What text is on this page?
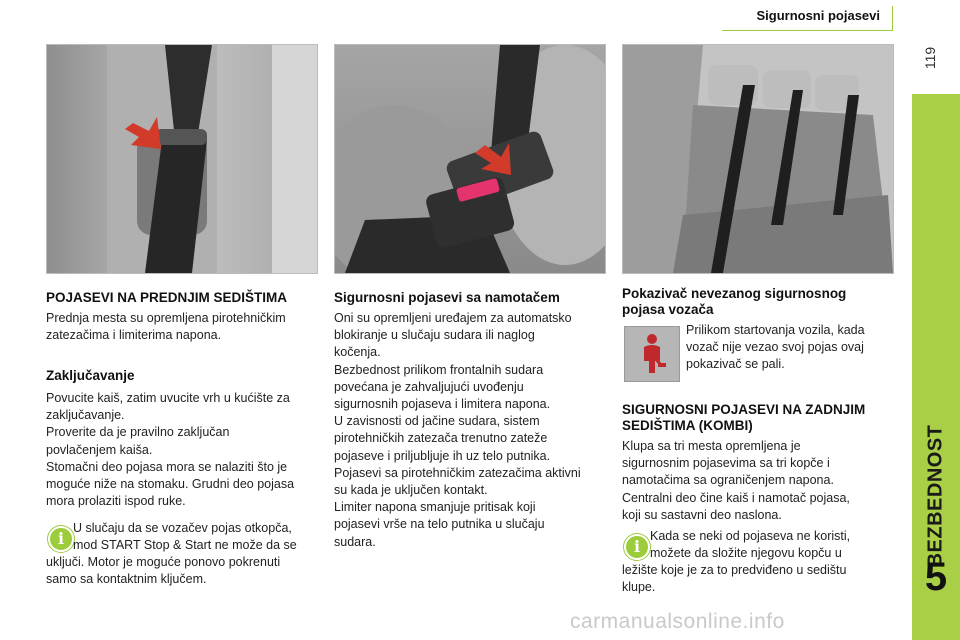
Sigurnosni pojasevi
119
BEZBEDNOST
5
POJASEVI NA PREDNJIM SEDIŠTIMA
Prednja mesta su opremljena pirotehničkim
zatezačima i limiterima napona.
Zaključavanje
Povucite kaiš, zatim uvucite vrh u kućište za
zaključavanje.
Proverite da je pravilno zaključan
povlačenjem kaiša.
Stomačni deo pojasa mora se nalaziti što je
moguće niže na stomaku. Grudni deo pojasa
mora prolaziti ispod ruke.
i
U slučaju da se vozačev pojas otkopča,
mod START Stop & Start ne može da se
uključi. Motor je moguće ponovo pokrenuti
samo sa kontaktnim ključem.
Sigurnosni pojasevi sa namotačem
Oni su opremljeni uređajem za automatsko
blokiranje u slučaju sudara ili naglog
kočenja.
Bezbednost prilikom frontalnih sudara
povećana je zahvaljujući uvođenju
sigurnosnih pojaseva i limitera napona.
U zavisnosti od jačine sudara, sistem
pirotehničkih zatezača trenutno zateže
pojaseve i priljubljuje ih uz telo putnika.
Pojasevi sa pirotehničkim zatezačima aktivni
su kada je uključen kontakt.
Limiter napona smanjuje pritisak koji
pojasevi vrše na telo putnika u slučaju
sudara.
Pokazivač nevezanog sigurnosnog
pojasa vozača
Prilikom startovanja vozila, kada
vozač nije vezao svoj pojas ovaj
pokazivač se pali.
SIGURNOSNI POJASEVI NA ZADNJIM
SEDIŠTIMA (KOMBI)
Klupa sa tri mesta opremljena je
sigurnosnim pojasevima sa tri kopče i
namotačima sa ograničenjem napona.
Centralni deo čine kaiš i namotač pojasa,
koji su sastavni deo naslona.
i
Kada se neki od pojaseva ne koristi,
možete da složite njegovu kopču u
ležište koje je za to predviđeno u sedištu
klupe.
carmanualsonline.info
